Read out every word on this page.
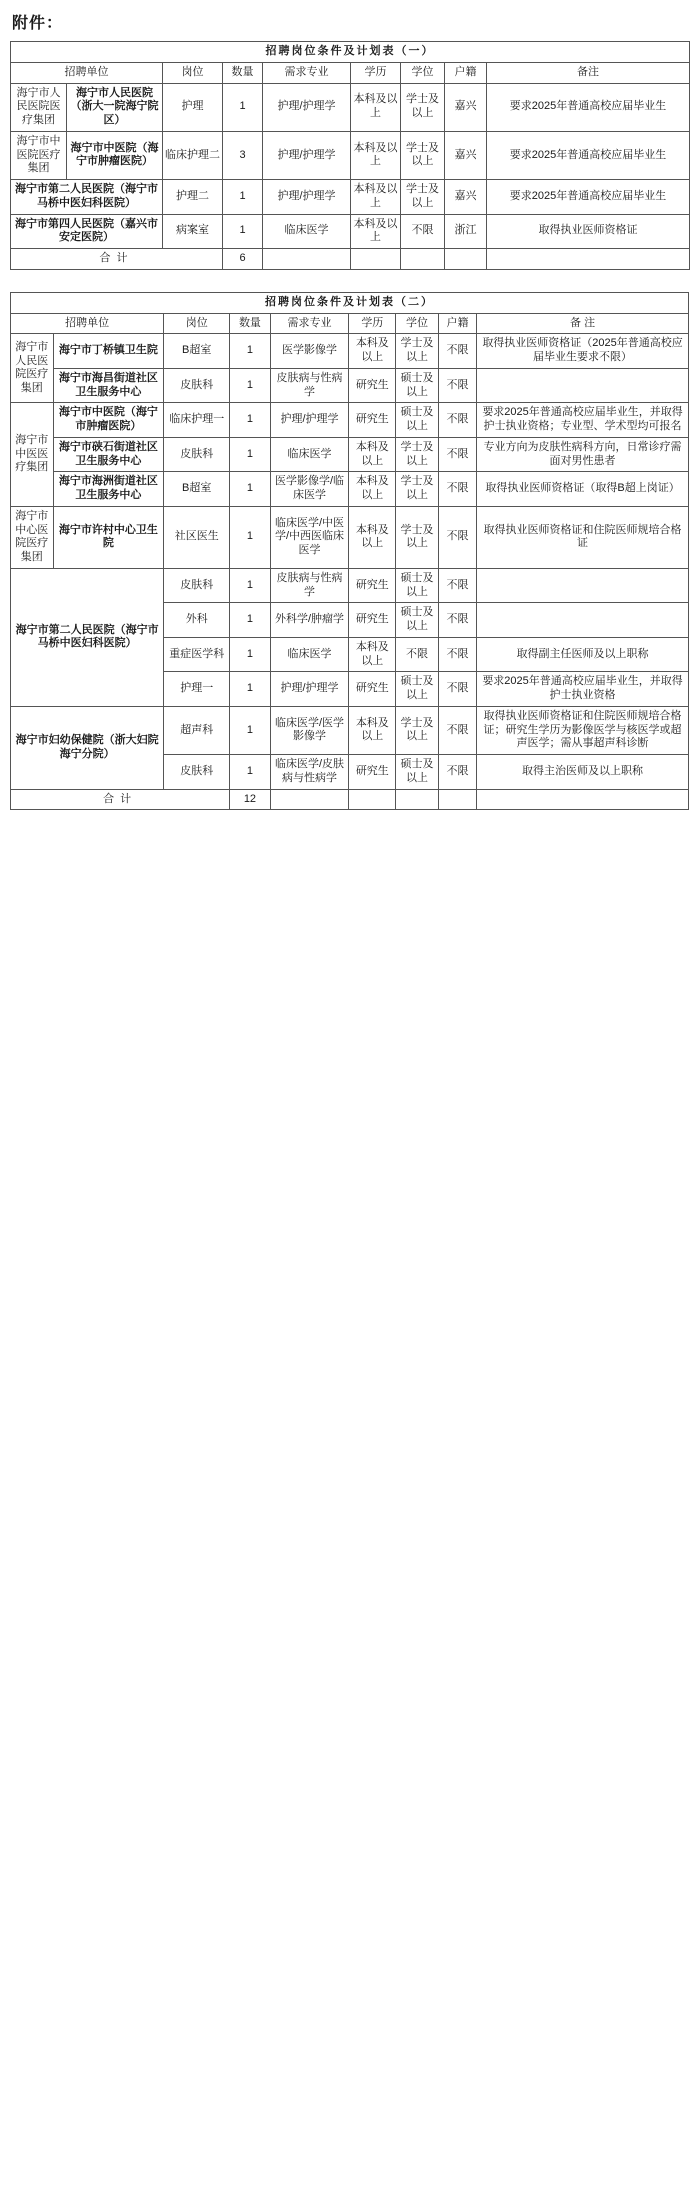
附件：
招聘岗位条件及计划表（一）								
招聘单位		岗位	数量	需求专业	学历	学位	户籍	备注
海宁市人民医院医疗集团	海宁市人民医院（浙大一院海宁院区）	护理	1	护理/护理学	本科及以上	学士及以上	嘉兴	要求2025年普通高校应届毕业生
海宁市中医院医疗集团	海宁市中医院（海宁市肿瘤医院）	临床护理二	3	护理/护理学	本科及以上	学士及以上	嘉兴	要求2025年普通高校应届毕业生
海宁市第二人民医院（海宁市马桥中医妇科医院）		护理二	1	护理/护理学	本科及以上	学士及以上	嘉兴	要求2025年普通高校应届毕业生
海宁市第四人民医院（嘉兴市安定医院）		病案室	1	临床医学	本科及以上	不限	浙江	取得执业医师资格证
合计			6					
招聘岗位条件及计划表（二）								
招聘单位		岗位	数量	需求专业	学历	学位	户籍	备 注
海宁市人民医院医疗集团	海宁市丁桥镇卫生院	B超室	1	医学影像学	本科及以上	学士及以上	不限	取得执业医师资格证（2025年普通高校应届毕业生要求不限）
	海宁市海昌街道社区卫生服务中心	皮肤科	1	皮肤病与性病学	研究生	硕士及以上	不限	
海宁市中医医疗集团	海宁市中医院（海宁市肿瘤医院）	临床护理一	1	护理/护理学	研究生	硕士及以上	不限	要求2025年普通高校应届毕业生，并取得护士执业资格；专业型、学术型均可报名
	海宁市硖石街道社区卫生服务中心	皮肤科	1	临床医学	本科及以上	学士及以上	不限	专业方向为皮肤性病科方向，日常诊疗需面对男性患者
	海宁市海洲街道社区卫生服务中心	B超室	1	医学影像学/临床医学	本科及以上	学士及以上	不限	取得执业医师资格证（取得B超上岗证）
海宁市中心医院医疗集团	海宁市许村中心卫生院	社区医生	1	临床医学/中医学/中西医临床医学	本科及以上	学士及以上	不限	取得执业医师资格证和住院医师规培合格证
海宁市第二人民医院（海宁市马桥中医妇科医院）		皮肤科	1	皮肤病与性病学	研究生	硕士及以上	不限	
		外科	1	外科学/肿瘤学	研究生	硕士及以上	不限	
		重症医学科	1	临床医学	本科及以上	不限	不限	取得副主任医师及以上职称
		护理一	1	护理/护理学	研究生	硕士及以上	不限	要求2025年普通高校应届毕业生，并取得护士执业资格
海宁市妇幼保健院（浙大妇院海宁分院）		超声科	1	临床医学/医学影像学	本科及以上	学士及以上	不限	取得执业医师资格证和住院医师规培合格证；研究生学历为影像医学与核医学或超声医学；需从事超声科诊断
		皮肤科	1	临床医学/皮肤病与性病学	研究生	硕士及以上	不限	取得主治医师及以上职称
合计			12					
